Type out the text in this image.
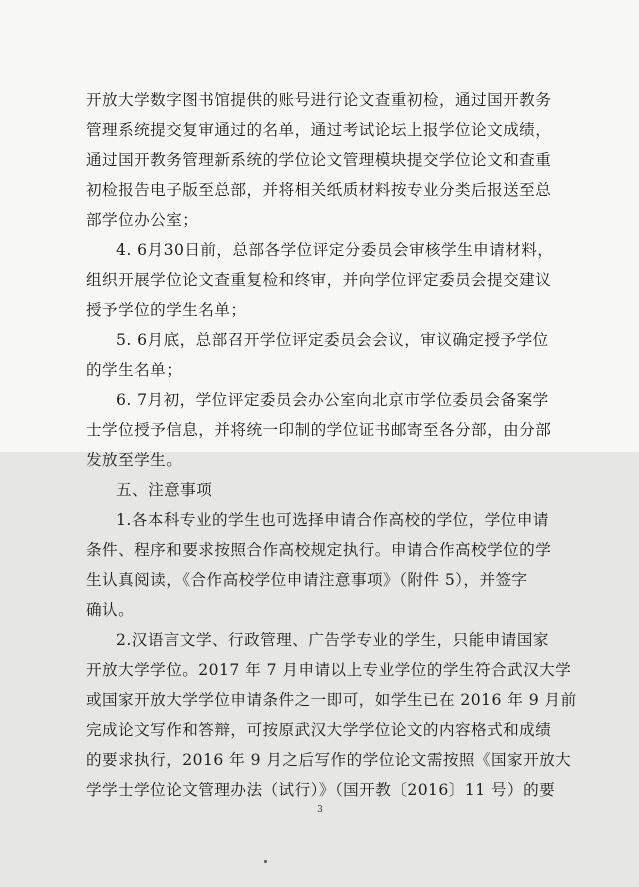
开放大学数字图书馆提供的账号进行论文查重初检，通过国开教务
管理系统提交复审通过的名单，通过考试论坛上报学位论文成绩，
通过国开教务管理新系统的学位论文管理模块提交学位论文和查重
初检报告电子版至总部，并将相关纸质材料按专业分类后报送至总
部学位办公室；
4. 6月30日前，总部各学位评定分委员会审核学生申请材料，
组织开展学位论文查重复检和终审，并向学位评定委员会提交建议
授予学位的学生名单；
5. 6月底，总部召开学位评定委员会会议，审议确定授予学位
的学生名单；
6. 7月初，学位评定委员会办公室向北京市学位委员会备案学
士学位授予信息，并将统一印制的学位证书邮寄至各分部，由分部
发放至学生。
五、注意事项
1.各本科专业的学生也可选择申请合作高校的学位，学位申请
条件、程序和要求按照合作高校规定执行。申请合作高校学位的学
生认真阅读，《合作高校学位申请注意事项》（附件 5），并签字
确认。
2.汉语言文学、行政管理、广告学专业的学生，只能申请国家
开放大学学位。2017 年 7 月申请以上专业学位的学生符合武汉大学
或国家开放大学学位申请条件之一即可，如学生已在 2016 年 9 月前
完成论文写作和答辩，可按原武汉大学学位论文的内容格式和成绩
的要求执行，2016 年 9 月之后写作的学位论文需按照《国家开放大
学学士学位论文管理办法（试行）》（国开教〔2016〕11 号）的要
3
